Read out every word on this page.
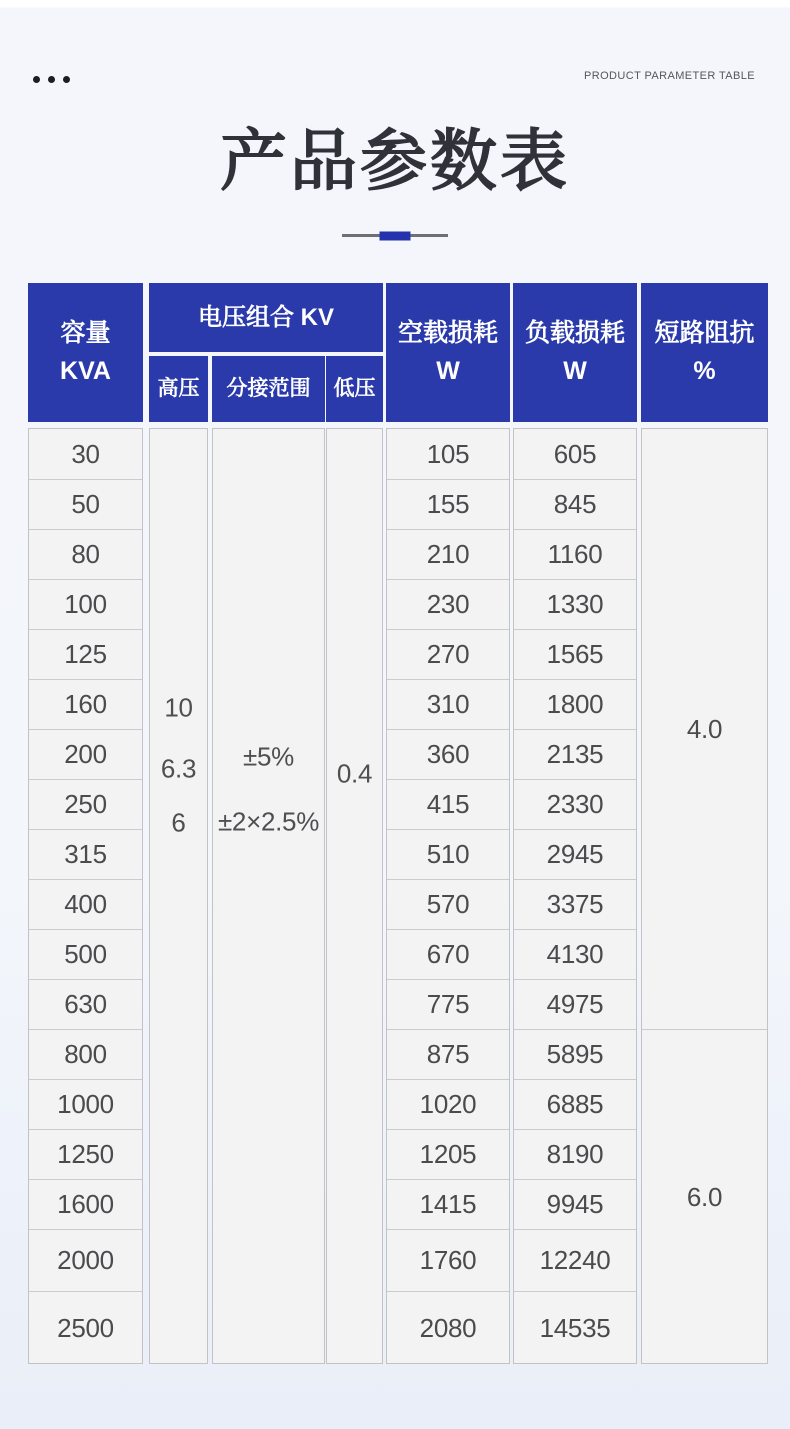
PRODUCT PARAMETER TABLE
产品参数表
容量
KVA
电压组合 KV
高压	分接范围	低压
空载损耗
W
负载损耗
W
短路阻抗
%
30
50
80
100
125
160
200
250
315
400
500
630
800
1000
1250
1600
2000
2500
10
6.3
6
±5%
±2×2.5%
0.4
105
155
210
230
270
310
360
415
510
570
670
775
875
1020
1205
1415
1760
2080
605
845
1160
1330
1565
1800
2135
2330
2945
3375
4130
4975
5895
6885
8190
9945
12240
14535
4.0
6.0
